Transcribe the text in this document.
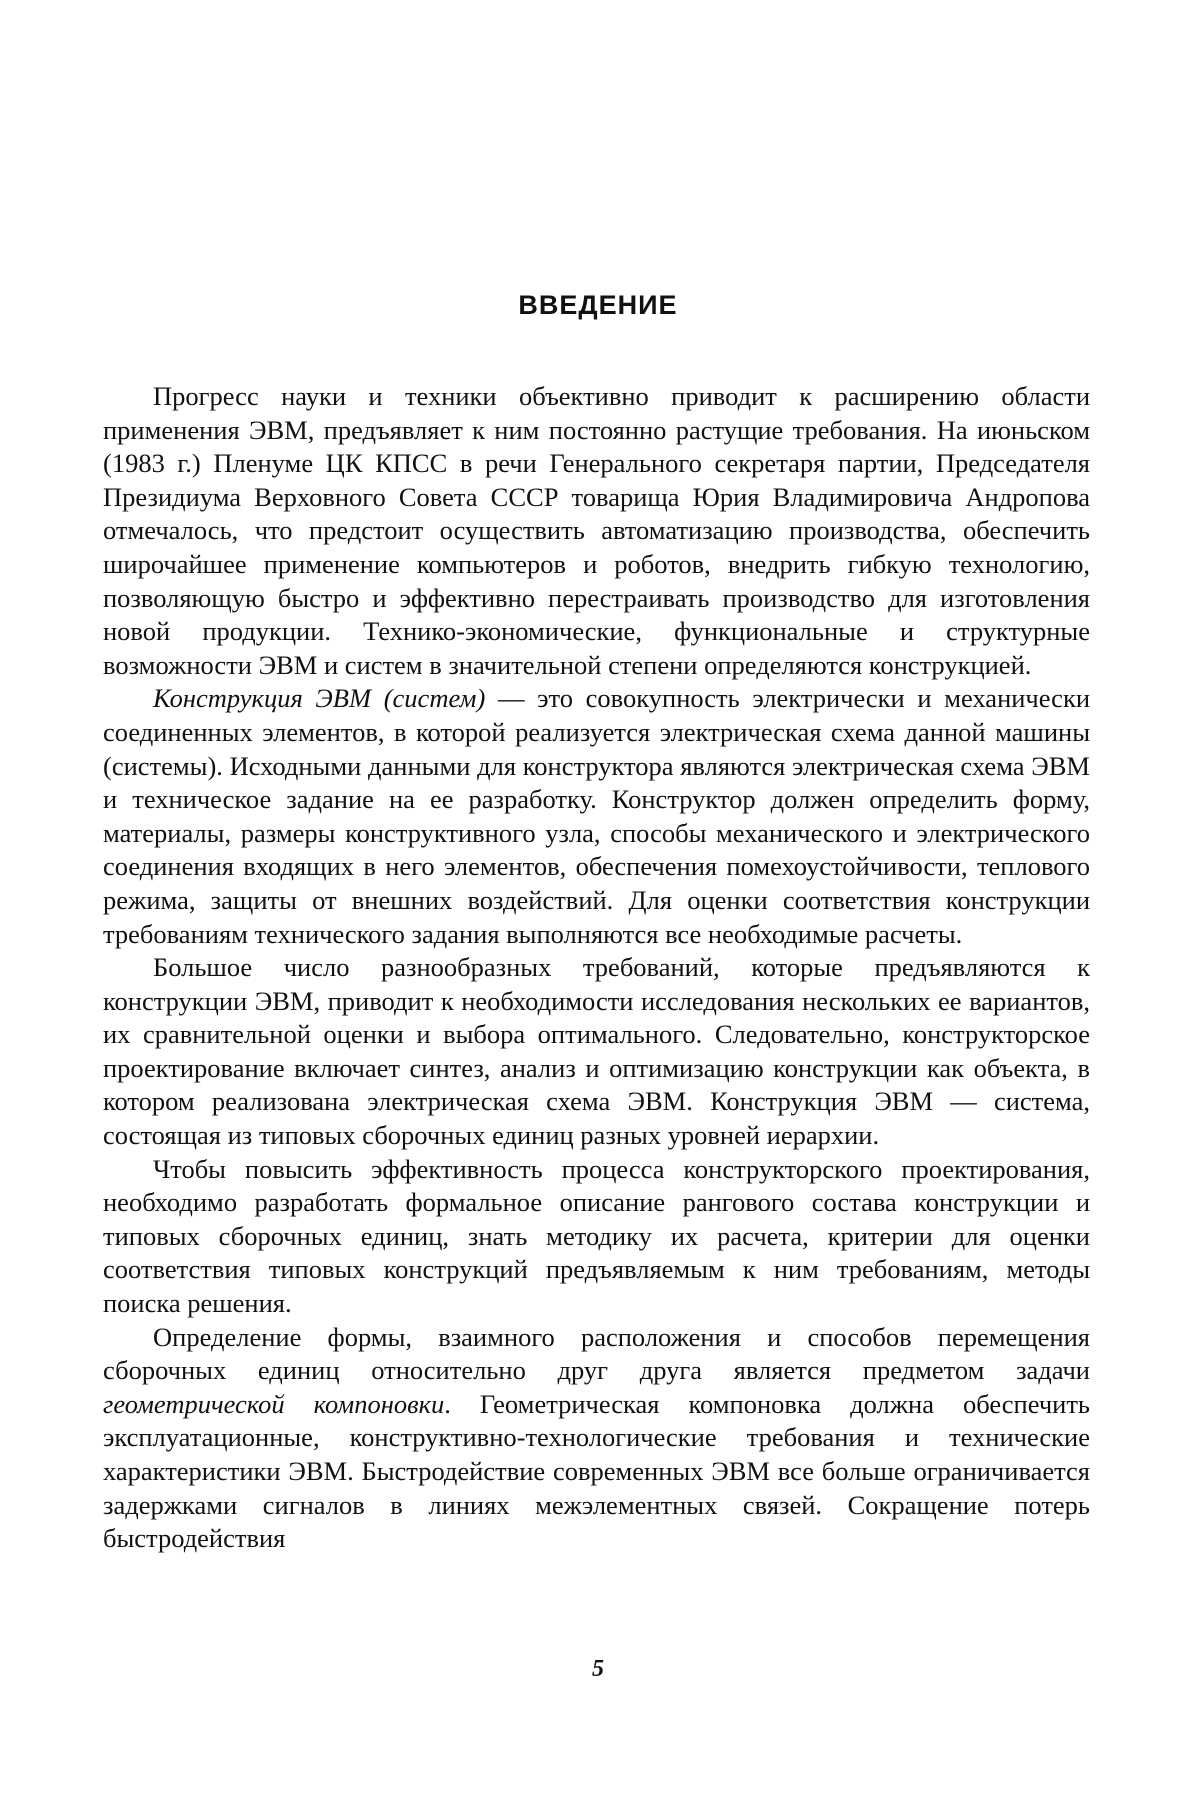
ВВЕДЕНИЕ

Прогресс науки и техники объективно приводит к расширению области применения ЭВМ, предъявляет к ним постоянно растущие требования. На июньском (1983 г.) Пленуме ЦК КПСС в речи Генерального секретаря партии, Председателя Президиума Верховного Совета СССР товарища Юрия Владимировича Андропова отмечалось, что предстоит осуществить автоматизацию производства, обеспечить широчайшее применение компьютеров и роботов, внедрить гибкую технологию, позволяющую быстро и эффективно перестраивать производство для изготовления новой продукции. Технико-экономические, функциональные и структурные возможности ЭВМ и систем в значительной степени определяются конструкцией.

Конструкция ЭВМ (систем) — это совокупность электрически и механически соединенных элементов, в которой реализуется электрическая схема данной машины (системы). Исходными данными для конструктора являются электрическая схема ЭВМ и техническое задание на ее разработку. Конструктор должен определить форму, материалы, размеры конструктивного узла, способы механического и электрического соединения входящих в него элементов, обеспечения помехоустойчивости, теплового режима, защиты от внешних воздействий. Для оценки соответствия конструкции требованиям технического задания выполняются все необходимые расчеты.

Большое число разнообразных требований, которые предъявляются к конструкции ЭВМ, приводит к необходимости исследования нескольких ее вариантов, их сравнительной оценки и выбора оптимального. Следовательно, конструкторское проектирование включает синтез, анализ и оптимизацию конструкции как объекта, в котором реализована электрическая схема ЭВМ. Конструкция ЭВМ — система, состоящая из типовых сборочных единиц разных уровней иерархии.

Чтобы повысить эффективность процесса конструкторского проектирования, необходимо разработать формальное описание рангового состава конструкции и типовых сборочных единиц, знать методику их расчета, критерии для оценки соответствия типовых конструкций предъявляемым к ним требованиям, методы поиска решения.

Определение формы, взаимного расположения и способов перемещения сборочных единиц относительно друг друга является предметом задачи геометрической компоновки. Геометрическая компоновка должна обеспечить эксплуатационные, конструктивно-технологические требования и технические характеристики ЭВМ. Быстродействие современных ЭВМ все больше ограничивается задержками сигналов в линиях межэлементных связей. Сокращение потерь быстродействия

5
